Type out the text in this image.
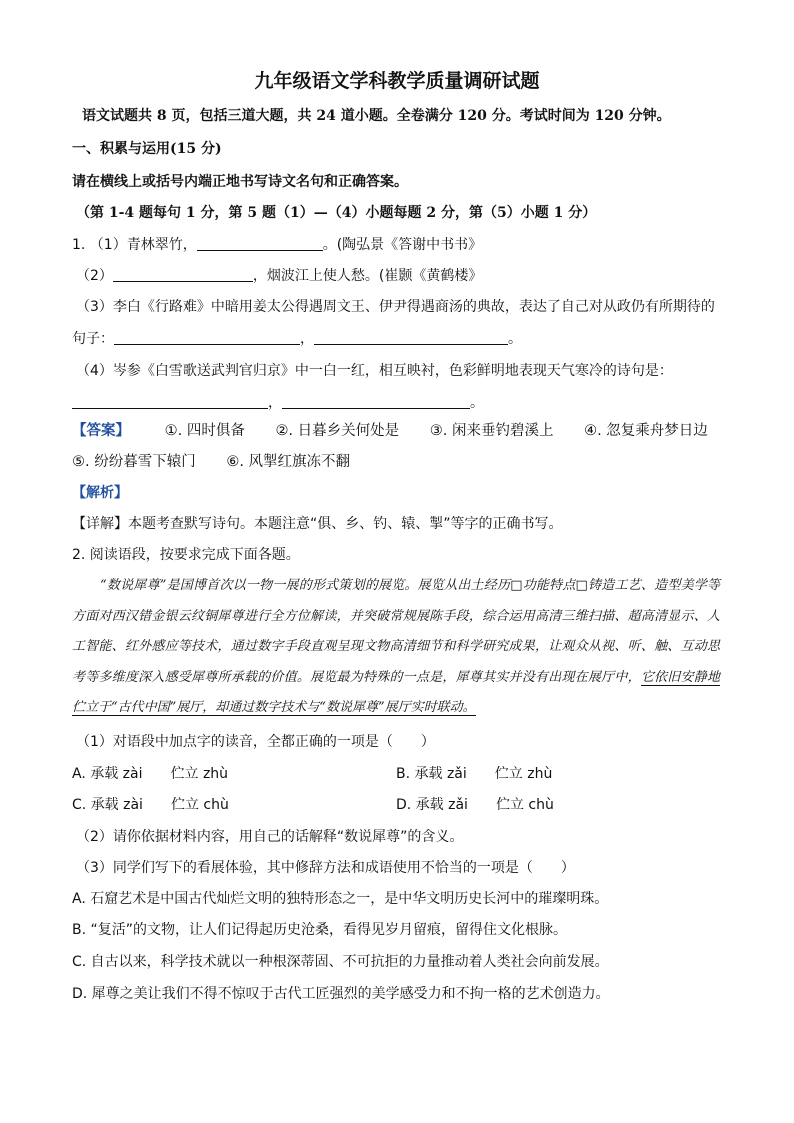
九年级语文学科教学质量调研试题
语文试题共 8 页，包括三道大题，共 24 道小题。全卷满分 120 分。考试时间为 120 分钟。
一、积累与运用(15 分)
请在横线上或括号内端正地书写诗文名句和正确答案。
（第 1-4 题每句 1 分，第 5 题（1）—（4）小题每题 2 分，第（5）小题 1 分）
1. （1）青林翠竹，	。(陶弘景《答谢中书书》
（2）	，烟波江上使人愁。(崔颢《黄鹤楼》
（3）李白《行路难》中暗用姜太公得遇周文王、伊尹得遇商汤的典故，表达了自己对从政仍有所期待的
句子：	，	。
（4）岑参《白雪歌送武判官归京》中一白一红，相互映衬，色彩鲜明地表现天气寒冷的诗句是：
，	。
【答案】 ①. 四时俱备 ②. 日暮乡关何处是 ③. 闲来垂钓碧溪上 ④. 忽复乘舟梦日边
⑤. 纷纷暮雪下辕门 ⑥. 风掣红旗冻不翻
【解析】
【详解】本题考查默写诗句。本题注意“俱、乡、钓、辕、掣”等字的正确书写。
2. 阅读语段，按要求完成下面各题。
“数说犀尊”是国博首次以一物一展的形式策划的展览。展览从出土经历□功能特点□铸造工艺、造型美学等方面对西汉错金银云纹铜犀尊进行全方位解读，并突破常规展陈手段，综合运用高清三维扫描、超高清显示、人工智能、红外感应等技术，通过数字手段直观呈现文物高清细节和科学研究成果，让观众从视、听、触、互动思考等多维度深入感受犀尊所承载的价值。展览最为特殊的一点是，犀尊其实并没有出现在展厅中，它依旧安静地伫立于“古代中国”展厅，却通过数字技术与“数说犀尊”展厅实时联动。
（1）对语段中加点字的读音，全都正确的一项是（　　）
A. 承载 zài　　伫立 zhù	B. 承载 zǎi　　伫立 zhù
C. 承载 zài　　伫立 chù	D. 承载 zǎi　　伫立 chù
（2）请你依据材料内容，用自己的话解释“数说犀尊”的含义。
（3）同学们写下的看展体验，其中修辞方法和成语使用不恰当的一项是（　　）
A. 石窟艺术是中国古代灿烂文明的独特形态之一，是中华文明历史长河中的璀璨明珠。
B. “复活”的文物，让人们记得起历史沧桑，看得见岁月留痕，留得住文化根脉。
C. 自古以来，科学技术就以一种根深蒂固、不可抗拒的力量推动着人类社会向前发展。
D. 犀尊之美让我们不得不惊叹于古代工匠强烈的美学感受力和不拘一格的艺术创造力。
